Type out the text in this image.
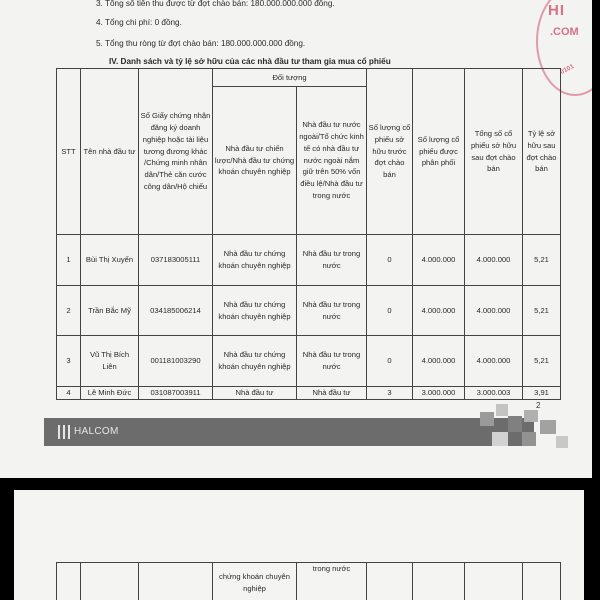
3. Tổng số tiền thu được từ đợt chào bán: 180.000.000.000 đồng.
4. Tổng chi phí: 0 đồng.
5. Tổng thu ròng từ đợt chào bán: 180.000.000.000 đồng.
IV. Danh sách và tỷ lệ sở hữu của các nhà đầu tư tham gia mua cổ phiếu
HI
.COM
0101
STT	Tên nhà đầu tư	Số Giấy chứng nhận đăng ký doanh nghiệp hoặc tài liệu tương đương khác /Chứng minh nhân dân/Thẻ căn cước công dân/Hộ chiếu	Đối tượng		Số lượng cổ phiếu sở hữu trước đợt chào bán	Số lượng cổ phiếu được phân phối	Tổng số cổ phiếu sở hữu sau đợt chào bán	Tỷ lệ sở hữu sau đợt chào bán
			Nhà đầu tư chiến lược/Nhà đầu tư chứng khoán chuyên nghiệp	Nhà đầu tư nước ngoài/Tổ chức kinh tế có nhà đầu tư nước ngoài nắm giữ trên 50% vốn điều lệ/Nhà đầu tư trong nước				
1	Bùi Thị Xuyến	037183005111	Nhà đầu tư chứng khoán chuyên nghiệp	Nhà đầu tư trong nước	0	4.000.000	4.000.000	5,21
2	Trần Bắc Mỹ	034185006214	Nhà đầu tư chứng khoán chuyên nghiệp	Nhà đầu tư trong nước	0	4.000.000	4.000.000	5,21
3	Vũ Thị Bích Liên	001181003290	Nhà đầu tư chứng khoán chuyên nghiệp	Nhà đầu tư trong nước	0	4.000.000	4.000.000	5,21
4	Lê Minh Đức	031087003911	Nhà đầu tư	Nhà đầu tư	3	3.000.000	3.000.003	3,91
2
HALCOM
			chứng khoán chuyên nghiệp	trong nước				
